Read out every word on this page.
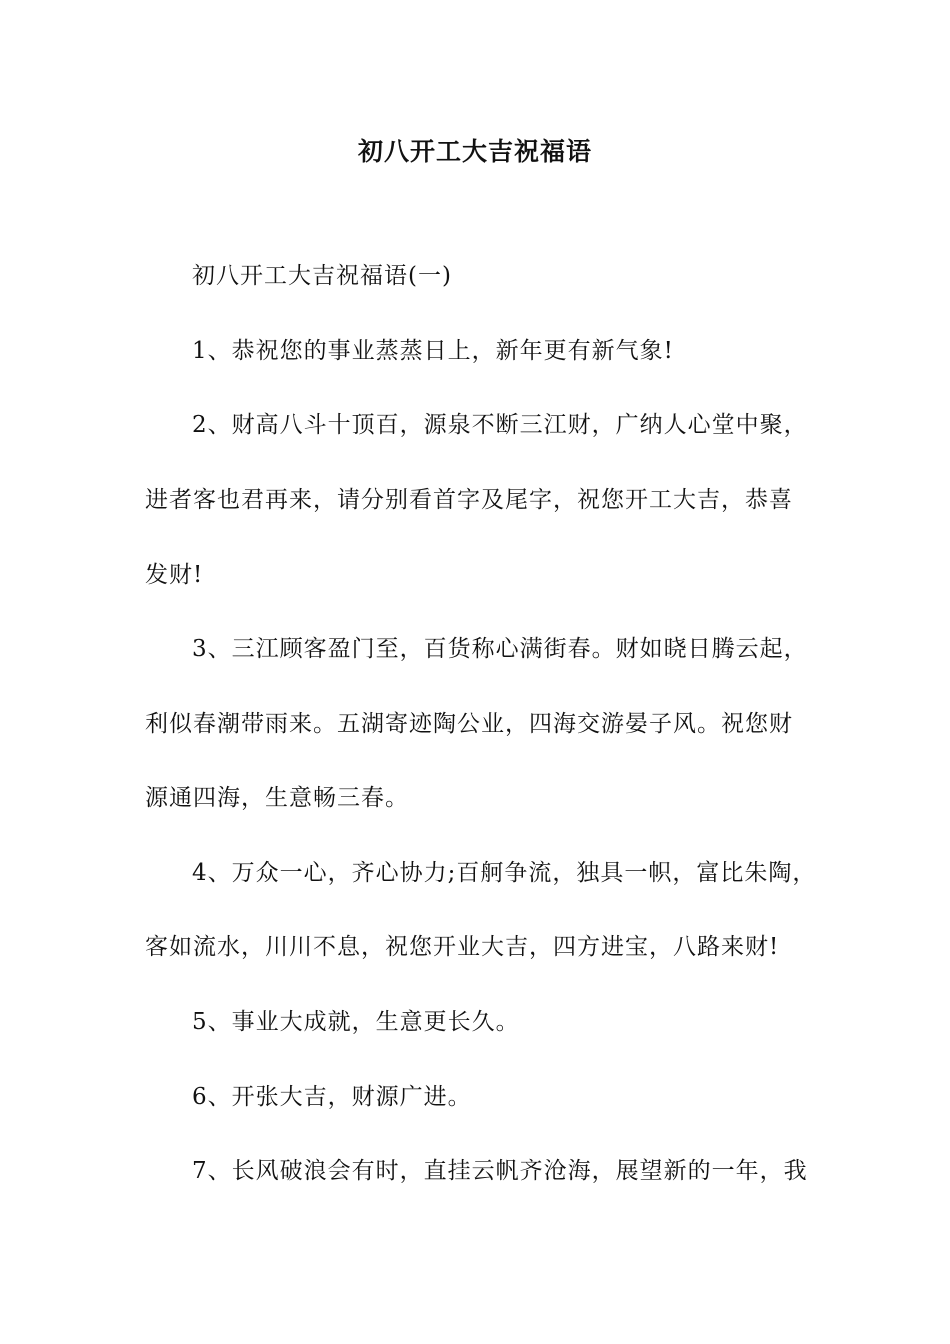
初八开工大吉祝福语
初八开工大吉祝福语(一)
1、恭祝您的事业蒸蒸日上，新年更有新气象!
2、财高八斗十顶百，源泉不断三江财，广纳人心堂中聚，
进者客也君再来，请分别看首字及尾字，祝您开工大吉，恭喜
发财!
3、三江顾客盈门至，百货称心满街春。财如晓日腾云起，
利似春潮带雨来。五湖寄迹陶公业，四海交游晏子风。祝您财
源通四海，生意畅三春。
4、万众一心，齐心协力;百舸争流，独具一帜，富比朱陶，
客如流水，川川不息，祝您开业大吉，四方进宝，八路来财!
5、事业大成就，生意更长久。
6、开张大吉，财源广进。
7、长风破浪会有时，直挂云帆齐沧海，展望新的一年，我
